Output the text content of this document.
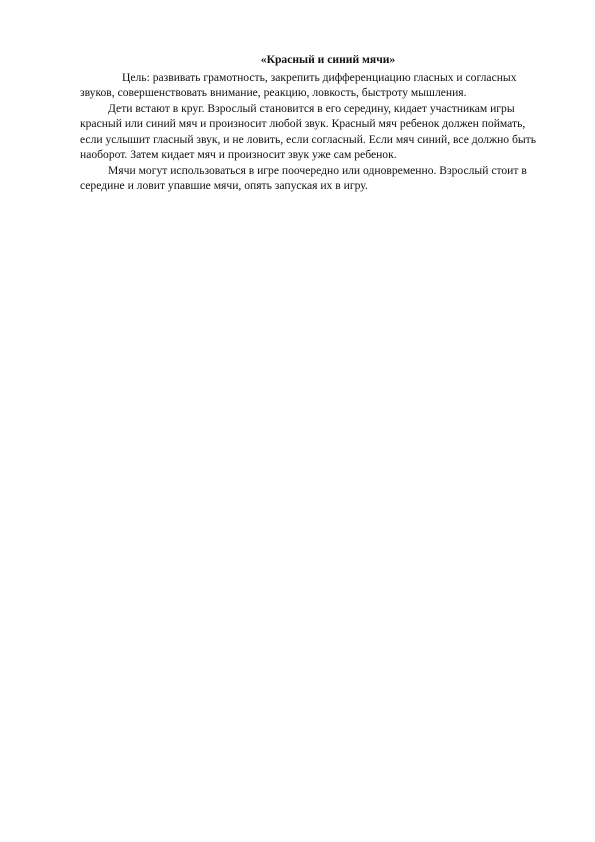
«Красный и синий мячи»

Цель: развивать грамотность, закрепить дифференциацию гласных и согласных звуков, совершенствовать внимание, реакцию, ловкость, быстроту мышления.

Дети встают в круг. Взрослый становится в его середину, кидает участникам игры красный или синий мяч и произносит любой звук. Красный мяч ребенок должен поймать, если услышит гласный звук, и не ловить, если согласный. Если мяч синий, все должно быть наоборот. Затем кидает мяч и произносит звук уже сам ребенок.

Мячи могут использоваться в игре поочередно или одновременно. Взрослый стоит в середине и ловит упавшие мячи, опять запуская их в игру.
